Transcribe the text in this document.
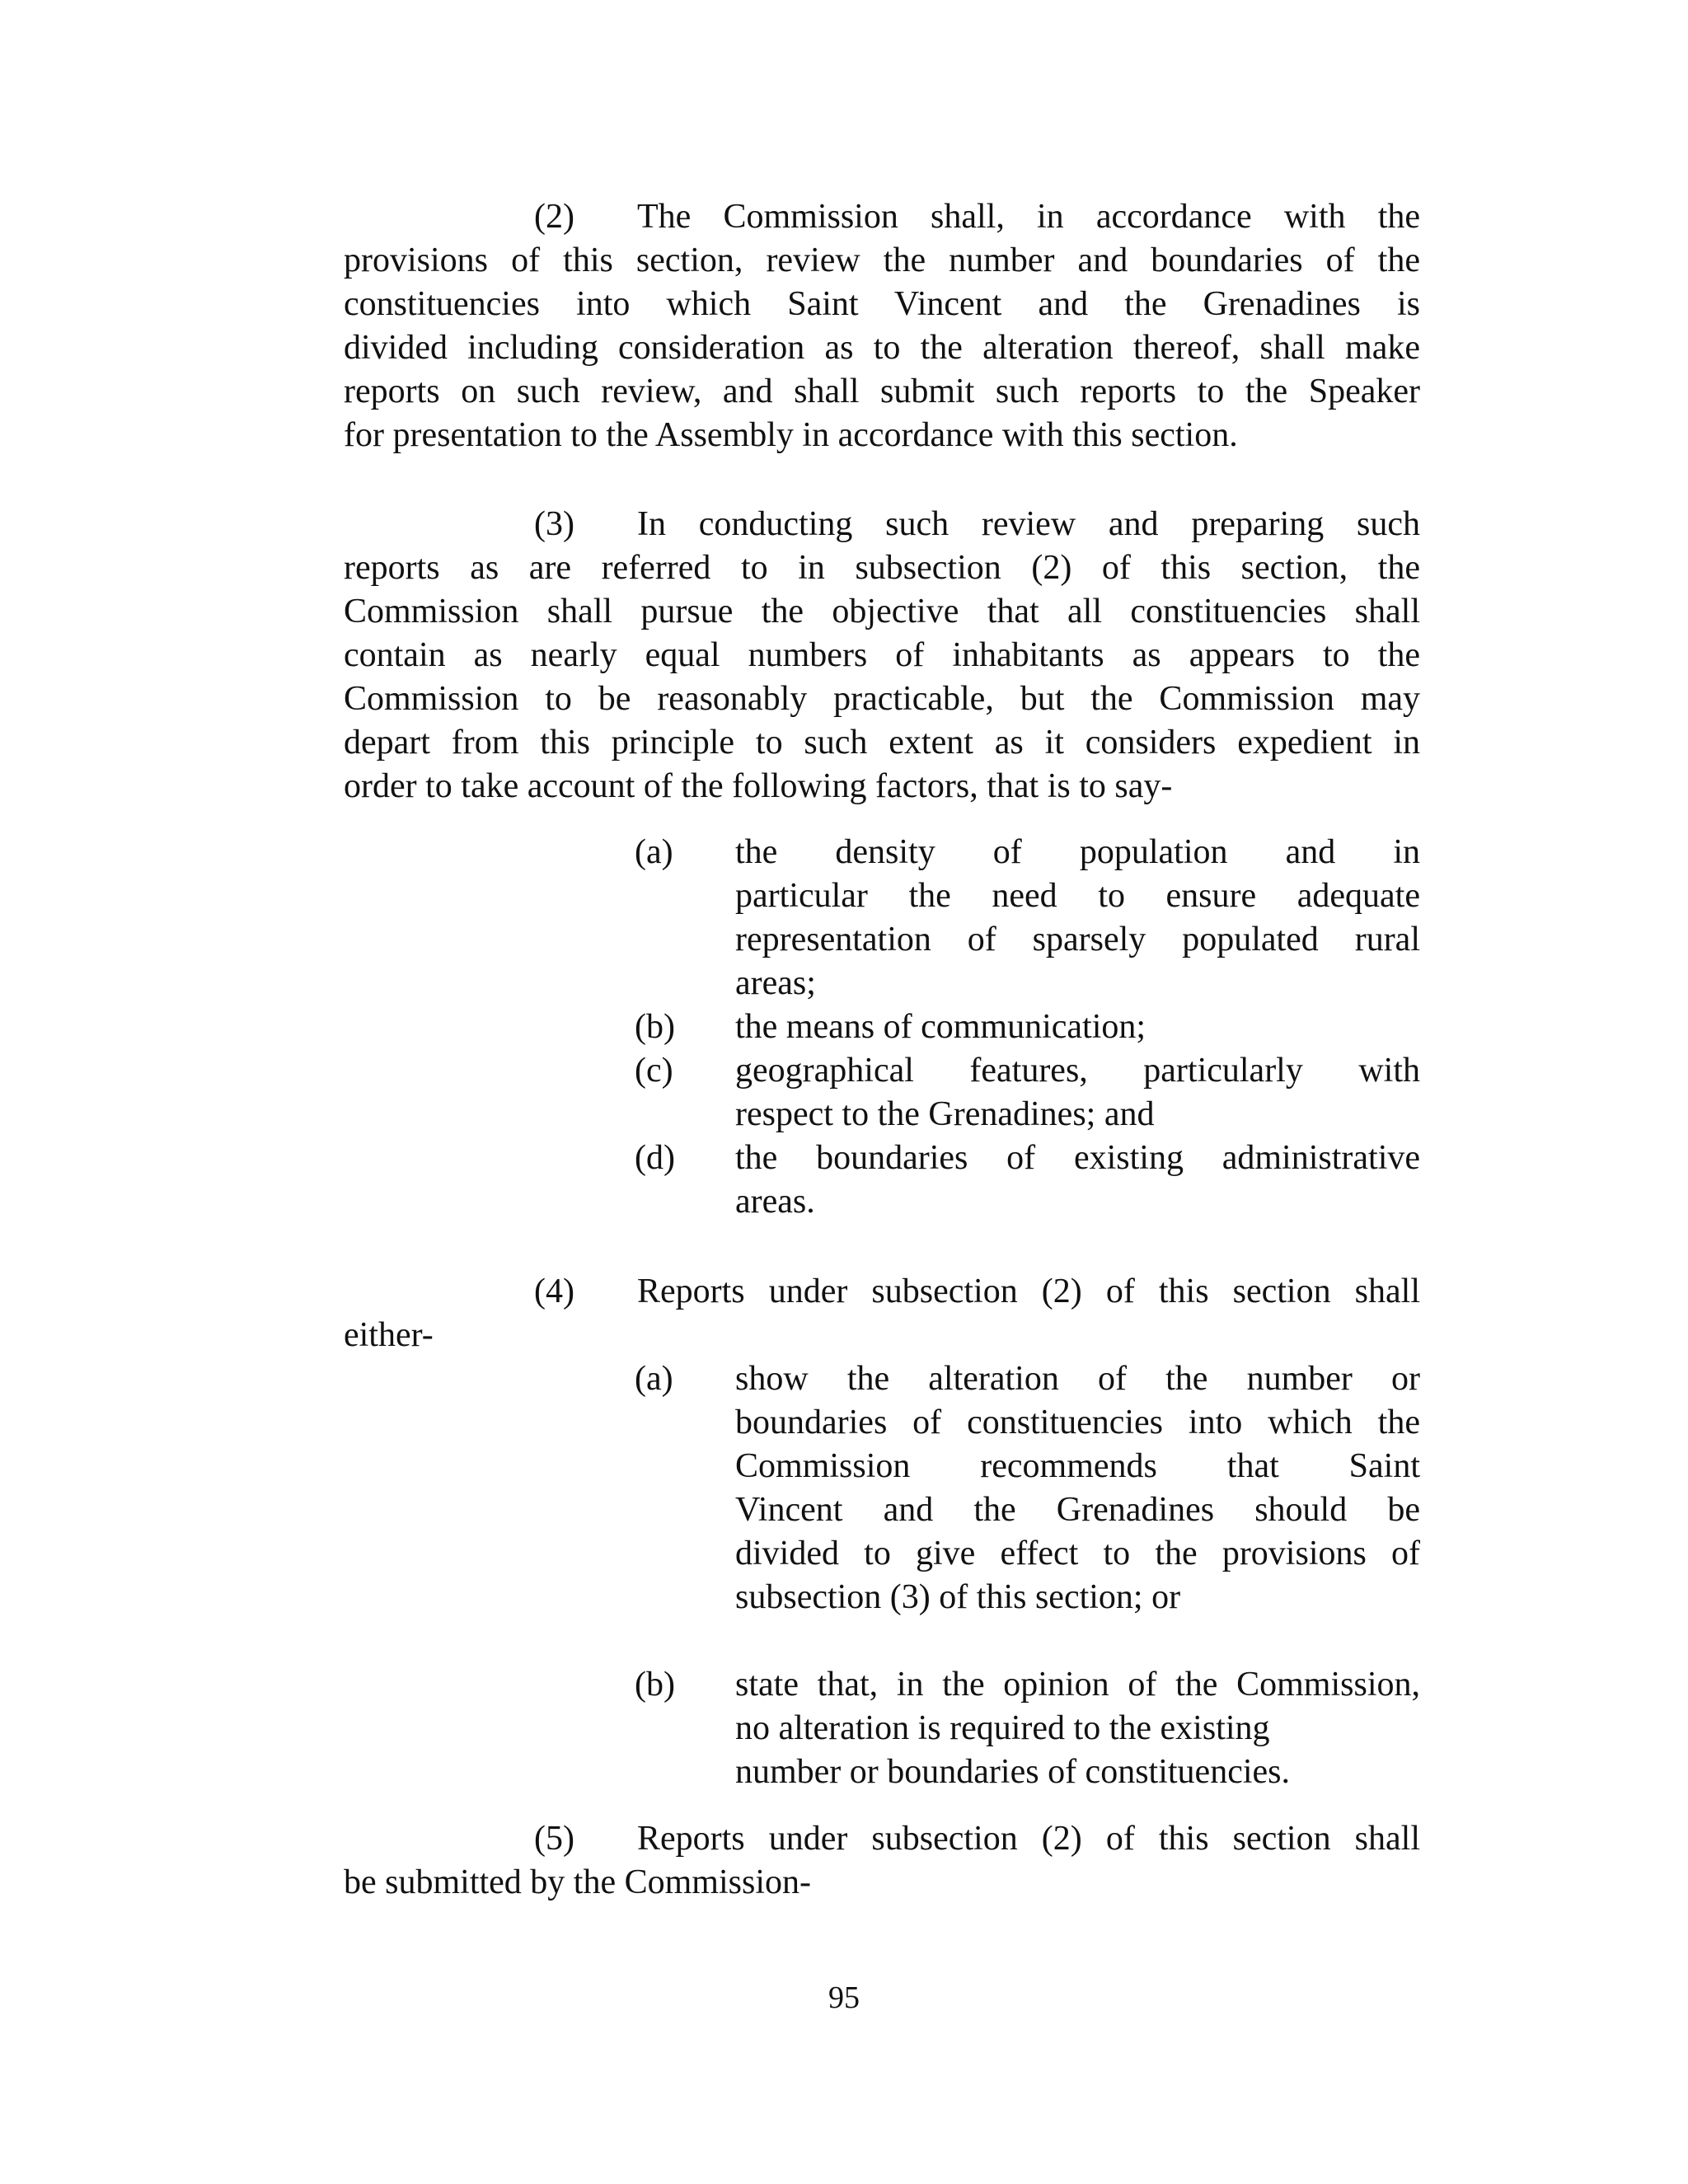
(2) The Commission shall, in accordance with the
provisions of this section, review the number and boundaries of the
constituencies into which Saint Vincent and the Grenadines is
divided including consideration as to the alteration thereof, shall make
reports on such review, and shall submit such reports to the Speaker
for presentation to the Assembly in accordance with this section.
(3) In conducting such review and preparing such
reports as are referred to in subsection (2) of this section, the
Commission shall pursue the objective that all constituencies shall
contain as nearly equal numbers of inhabitants as appears to the
Commission to be reasonably practicable, but the Commission may
depart from this principle to such extent as it considers expedient in
order to take account of the following factors, that is to say-
(a) the density of population and in
particular the need to ensure adequate
representation of sparsely populated rural
areas;
(b) the means of communication;
(c) geographical features, particularly with
respect to the Grenadines; and
(d) the boundaries of existing administrative
areas.
(4) Reports under subsection (2) of this section shall
either-
(a) show the alteration of the number or
boundaries of constituencies into which the
Commission recommends that Saint
Vincent and the Grenadines should be
divided to give effect to the provisions of
subsection (3) of this section; or
(b) state that, in the opinion of the Commission,
no alteration is required to the existing
number or boundaries of constituencies.
(5) Reports under subsection (2) of this section shall
be submitted by the Commission-
95
